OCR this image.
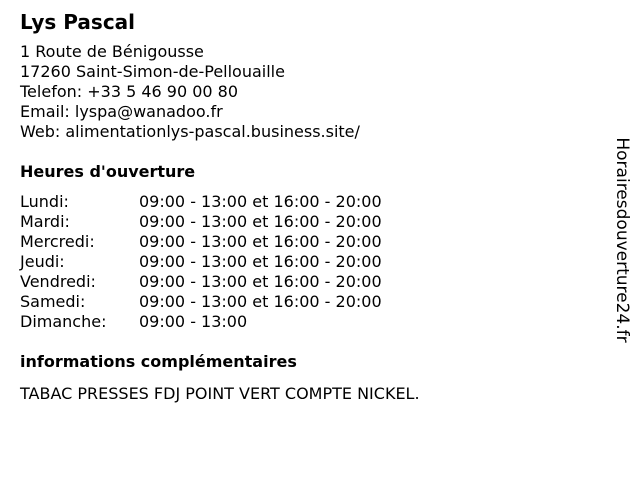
Lys Pascal
1 Route de Bénigousse
17260 Saint-Simon-de-Pellouaille
Telefon: +33 5 46 90 00 80
Email: lyspa@wanadoo.fr
Web: alimentationlys-pascal.business.site/
Heures d'ouverture
Lundi:	09:00 - 13:00 et 16:00 - 20:00
Mardi:	09:00 - 13:00 et 16:00 - 20:00
Mercredi:	09:00 - 13:00 et 16:00 - 20:00
Jeudi:	09:00 - 13:00 et 16:00 - 20:00
Vendredi:	09:00 - 13:00 et 16:00 - 20:00
Samedi:	09:00 - 13:00 et 16:00 - 20:00
Dimanche:	09:00 - 13:00
informations complémentaires
TABAC PRESSES FDJ POINT VERT COMPTE NICKEL.
Horairesdouverture24.fr
